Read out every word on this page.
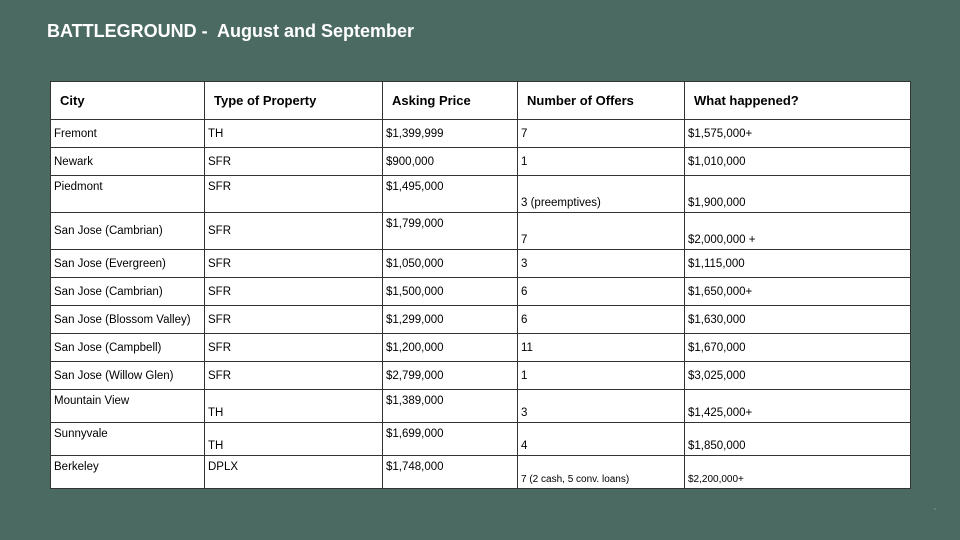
BATTLEGROUND -  August and September
City	Type of Property	Asking Price	Number of Offers	What happened?
Fremont	TH	$1,399,999	7	$1,575,000+
Newark	SFR	$900,000	1	$1,010,000
Piedmont	SFR	$1,495,000	3 (preemptives)	$1,900,000
San Jose (Cambrian)	SFR	$1,799,000	7	$2,000,000 +
San Jose (Evergreen)	SFR	$1,050,000	3	$1,115,000
San Jose (Cambrian)	SFR	$1,500,000	6	$1,650,000+
San Jose (Blossom Valley)	SFR	$1,299,000	6	$1,630,000
San Jose (Campbell)	SFR	$1,200,000	11	$1,670,000
San Jose (Willow Glen)	SFR	$2,799,000	1	$3,025,000
Mountain View	TH	$1,389,000	3	$1,425,000+
Sunnyvale	TH	$1,699,000	4	$1,850,000
Berkeley	DPLX	$1,748,000	7 (2 cash, 5 conv. loans)	$2,200,000+
